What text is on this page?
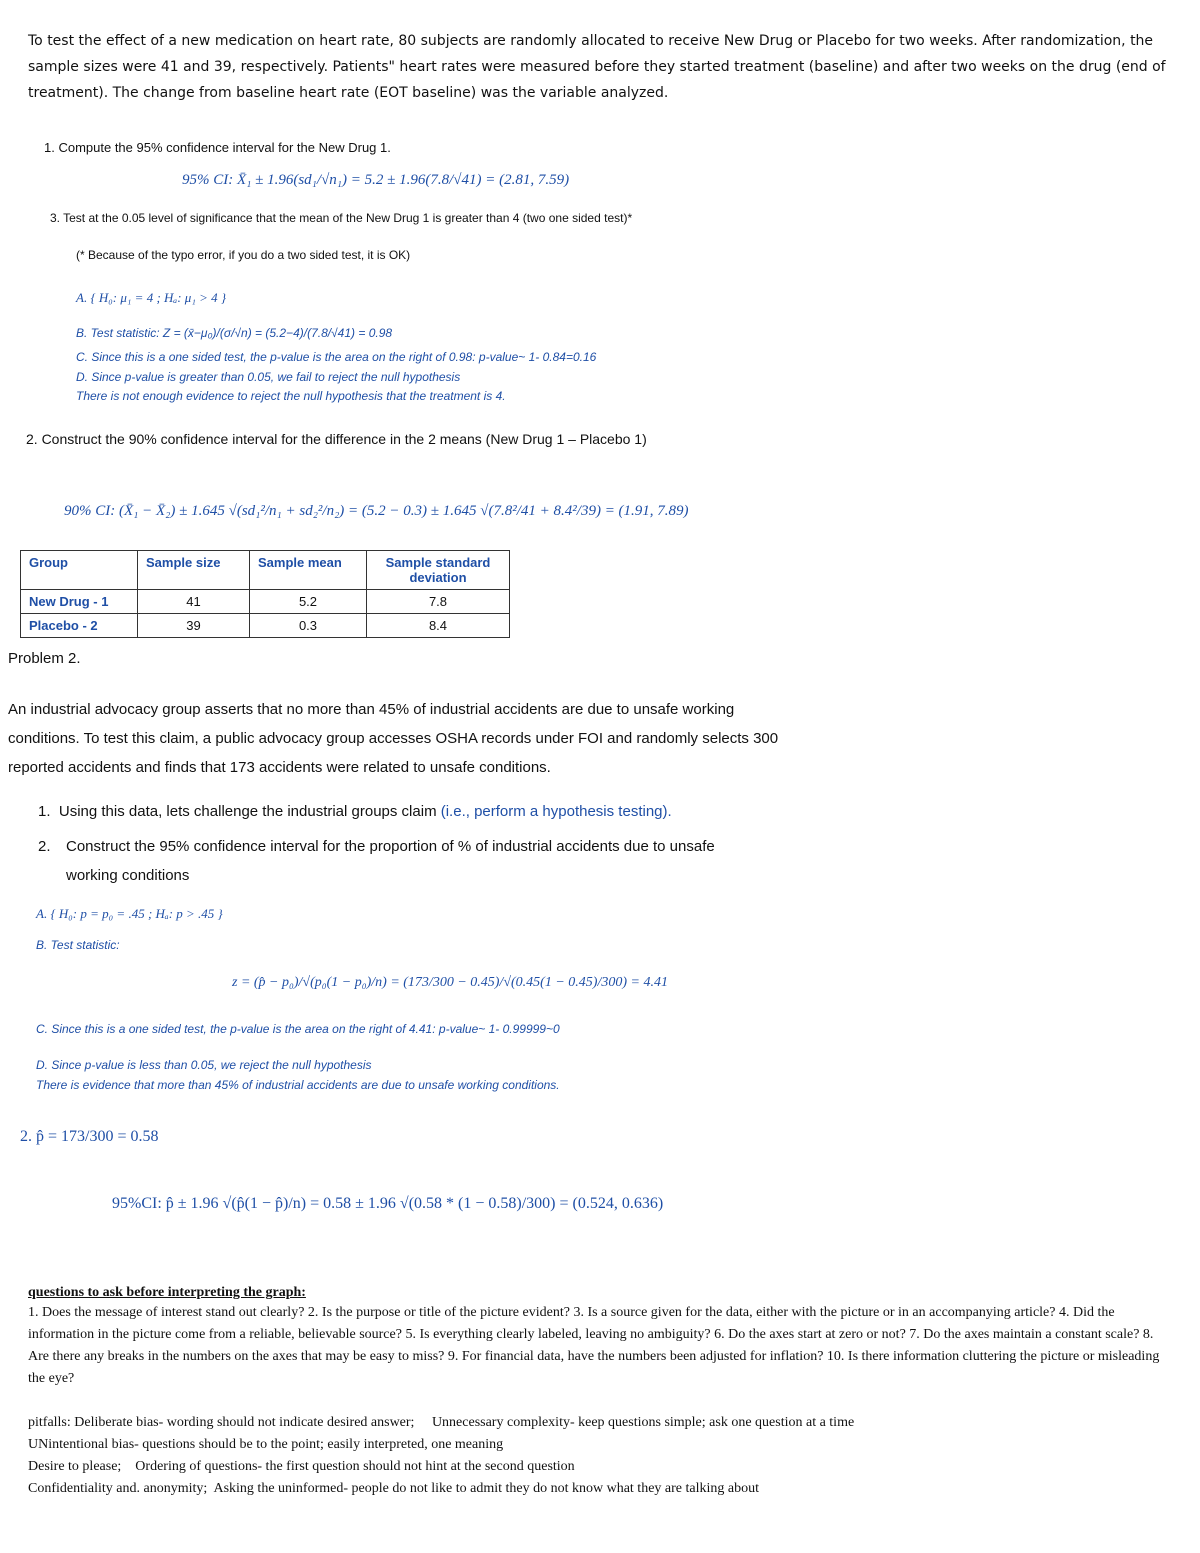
To test the effect of a new medication on heart rate, 80 subjects are randomly allocated to receive New Drug or Placebo for two weeks. After randomization, the sample sizes were 41 and 39, respectively. Patients" heart rates were measured before they started treatment (baseline) and after two weeks on the drug (end of treatment). The change from baseline heart rate (EOT baseline) was the variable analyzed.
1. Compute the 95% confidence interval for the New Drug 1.
95% CI: X̄₁ ± 1.96(sd₁/√n₁) = 5.2 ± 1.96(7.8/√41) = (2.81, 7.59)
3. Test at the 0.05 level of significance that the mean of the New Drug 1 is greater than 4 (two one sided test)*
(* Because of the typo error, if you do a two sided test, it is OK)
A. { H₀: μ₁ = 4 ; Hₐ: μ₁ > 4 }
B. Test statistic: Z = (x̄−μ₀)/(σ/√n) = (5.2−4)/(7.8/√41) = 0.98
C. Since this is a one sided test, the p-value is the area on the right of 0.98: p-value~ 1- 0.84=0.16
D. Since p-value is greater than 0.05, we fail to reject the null hypothesis
There is not enough evidence to reject the null hypothesis that the treatment is 4.
2. Construct the 90% confidence interval for the difference in the 2 means (New Drug 1 – Placebo 1)
90% CI: (X̄₁ − X̄₂) ± 1.645 √(sd₁²/n₁ + sd₂²/n₂) = (5.2 − 0.3) ± 1.645 √(7.8²/41 + 8.4²/39) = (1.91, 7.89)
Group	Sample size	Sample mean	Sample standard deviation
New Drug - 1	41	5.2	7.8
Placebo - 2	39	0.3	8.4
Problem 2.
An industrial advocacy group asserts that no more than 45% of industrial accidents are due to unsafe working conditions. To test this claim, a public advocacy group accesses OSHA records under FOI and randomly selects 300 reported accidents and finds that 173 accidents were related to unsafe conditions.
1.  Using this data, lets challenge the industrial groups claim (i.e., perform a hypothesis testing).
2.	Construct the 95% confidence interval for the proportion of % of industrial accidents due to unsafe working conditions
A. { H₀: p = p₀ = .45 ; Hₐ: p > .45 }
B. Test statistic:
z = (p̂ − p₀)/√(p₀(1 − p₀)/n) = (173/300 − 0.45)/√(0.45(1 − 0.45)/300) = 4.41
C. Since this is a one sided test, the p-value is the area on the right of 4.41: p-value~ 1- 0.99999~0
D. Since p-value is less than 0.05, we reject the null hypothesis
There is evidence that more than 45% of industrial accidents are due to unsafe working conditions.
2. p̂ = 173/300 = 0.58
95%CI: p̂ ± 1.96 √(p̂(1 − p̂)/n) = 0.58 ± 1.96 √(0.58 * (1 − 0.58)/300) = (0.524, 0.636)
questions to ask before interpreting the graph:
1. Does the message of interest stand out clearly? 2. Is the purpose or title of the picture evident? 3. Is a source given for the data, either with the picture or in an accompanying article? 4. Did the information in the picture come from a reliable, believable source? 5. Is everything clearly labeled, leaving no ambiguity? 6. Do the axes start at zero or not? 7. Do the axes maintain a constant scale? 8. Are there any breaks in the numbers on the axes that may be easy to miss? 9. For financial data, have the numbers been adjusted for inflation? 10. Is there information cluttering the picture or misleading the eye?
pitfalls: Deliberate bias- wording should not indicate desired answer;     Unnecessary complexity- keep questions simple; ask one question at a time
UNintentional bias- questions should be to the point; easily interpreted, one meaning
Desire to please;    Ordering of questions- the first question should not hint at the second question
Confidentiality and. anonymity;  Asking the uninformed- people do not like to admit they do not know what they are talking about
